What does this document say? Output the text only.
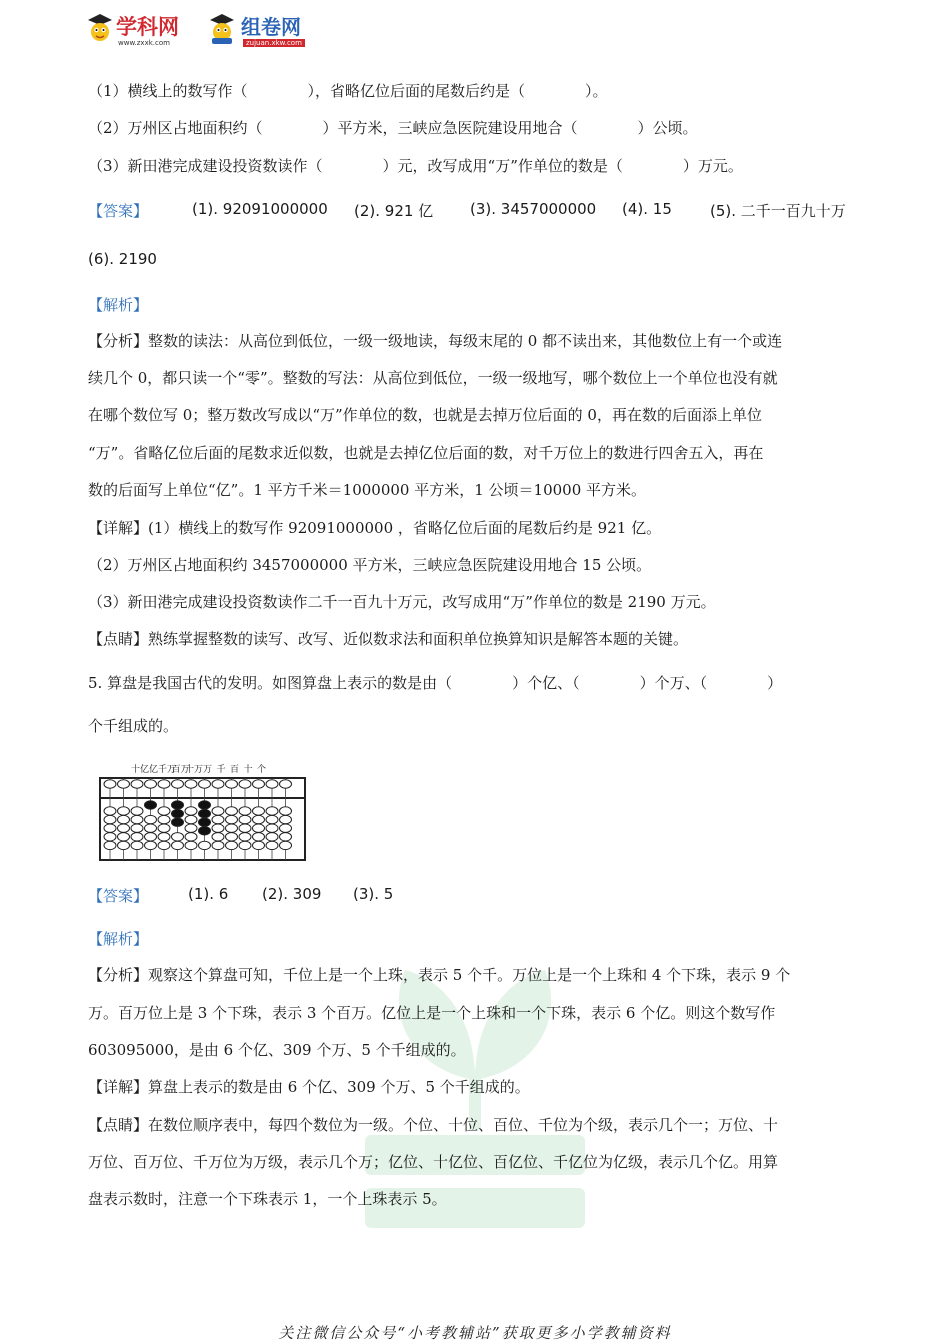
学科网
www.zxxk.com
组卷网
zujuan.xkw.com
（1）横线上的数写作（　　　　），省略亿位后面的尾数后约是（　　　　）。
（2）万州区占地面积约（　　　　）平方米，三峡应急医院建设用地合（　　　　）公顷。
（3）新田港完成建设投资数读作（　　　　）元，改写成用“万”作单位的数是（　　　　）万元。
【答案】	(1). 92091000000 (2). 921 亿 (3). 3457000000 (4). 15	(5). 二千一百九十万
(6). 2190
【解析】
【分析】整数的读法：从高位到低位，一级一级地读，每级末尾的 0 都不读出来，其他数位上有一个或连
续几个 0，都只读一个“零”。整数的写法：从高位到低位，一级一级地写，哪个数位上一个单位也没有就
在哪个数位写 0；整万数改写成以“万”作单位的数，也就是去掉万位后面的 0，再在数的后面添上单位
“万”。省略亿位后面的尾数求近似数，也就是去掉亿位后面的数，对千万位上的数进行四舍五入，再在
数的后面写上单位“亿”。1 平方千米＝1000000 平方米，1 公顷＝10000 平方米。
【详解】(1）横线上的数写作 92091000000 ，省略亿位后面的尾数后约是 921 亿。
（2）万州区占地面积约 3457000000 平方米，三峡应急医院建设用地合 15 公顷。
（3）新田港完成建设投资数读作二千一百九十万元，改写成用“万”作单位的数是 2190 万元。
【点睛】熟练掌握整数的读写、改写、近似数求法和面积单位换算知识是解答本题的关键。
5. 算盘是我国古代的发明。如图算盘上表示的数是由（　　　　）个亿、（　　　　）个万、（　　　　）
个千组成的。
十亿 亿 千万
百万
十万 万 千 百 十 个
【答案】	(1). 6 (2). 309 (3). 5
【解析】
【分析】观察这个算盘可知，千位上是一个上珠，表示 5 个千。万位上是一个上珠和 4 个下珠，表示 9 个
万。百万位上是 3 个下珠，表示 3 个百万。亿位上是一个上珠和一个下珠，表示 6 个亿。则这个数写作
603095000，是由 6 个亿、309 个万、5 个千组成的。
【详解】算盘上表示的数是由 6 个亿、309 个万、5 个千组成的。
【点睛】在数位顺序表中，每四个数位为一级。个位、十位、百位、千位为个级，表示几个一；万位、十
万位、百万位、千万位为万级，表示几个万；亿位、十亿位、百亿位、千亿位为亿级，表示几个亿。用算
盘表示数时，注意一个下珠表示 1，一个上珠表示 5。
关注微信公众号“小考教辅站”获取更多小学教辅资料
